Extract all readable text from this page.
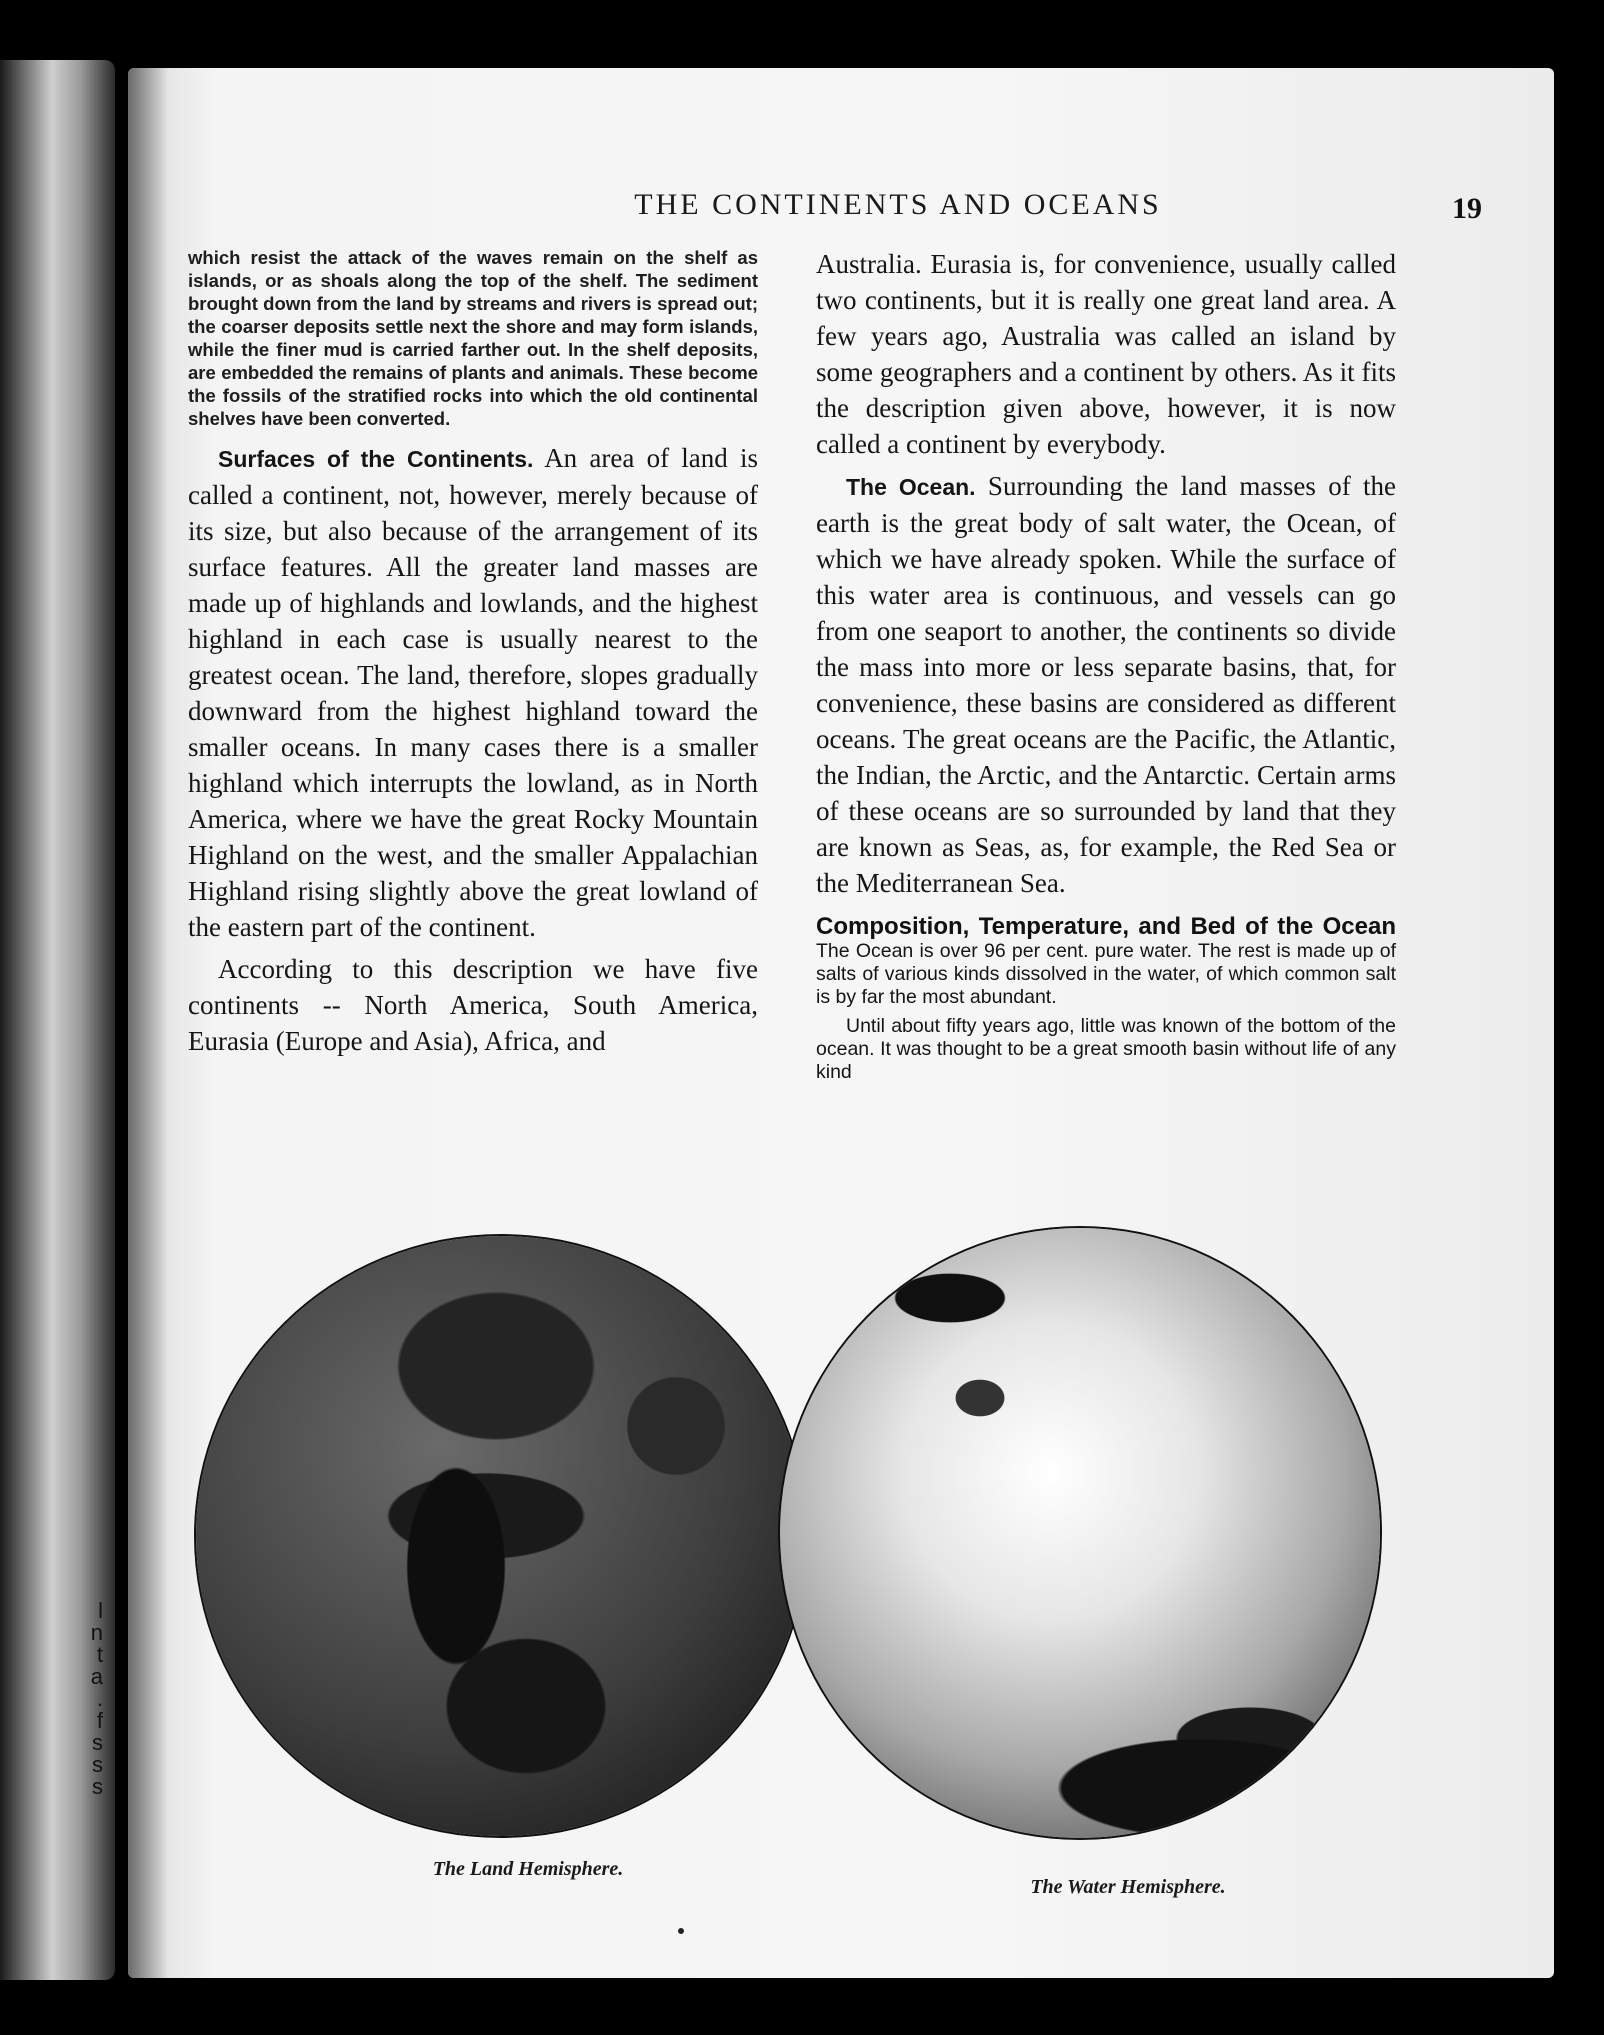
l
n
t
a
.
f
s
s
s
THE CONTINENTS AND OCEANS	19

which resist the attack of the waves remain on the shelf as islands, or as shoals along the top of the shelf. The sediment brought down from the land by streams and rivers is spread out; the coarser deposits settle next the shore and may form islands, while the finer mud is carried farther out. In the shelf deposits, are embedded the remains of plants and animals. These become the fossils of the stratified rocks into which the old continental shelves have been converted.

Surfaces of the Continents. An area of land is called a continent, not, however, merely because of its size, but also because of the arrangement of its surface features. All the greater land masses are made up of highlands and lowlands, and the highest highland in each case is usually nearest to the greatest ocean. The land, therefore, slopes gradually downward from the highest highland toward the smaller oceans. In many cases there is a smaller highland which interrupts the lowland, as in North America, where we have the great Rocky Mountain Highland on the west, and the smaller Appalachian Highland rising slightly above the great lowland of the eastern part of the continent.

According to this description we have five continents -- North America, South America, Eurasia (Europe and Asia), Africa, and

Australia. Eurasia is, for convenience, usually called two continents, but it is really one great land area. A few years ago, Australia was called an island by some geographers and a continent by others. As it fits the description given above, however, it is now called a continent by everybody.

The Ocean. Surrounding the land masses of the earth is the great body of salt water, the Ocean, of which we have already spoken. While the surface of this water area is continuous, and vessels can go from one seaport to another, the continents so divide the mass into more or less separate basins, that, for convenience, these basins are considered as different oceans. The great oceans are the Pacific, the Atlantic, the Indian, the Arctic, and the Antarctic. Certain arms of these oceans are so surrounded by land that they are known as Seas, as, for example, the Red Sea or the Mediterranean Sea.

Composition, Temperature, and Bed of the Ocean The Ocean is over 96 per cent. pure water. The rest is made up of salts of various kinds dissolved in the water, of which common salt is by far the most abundant.

Until about fifty years ago, little was known of the bottom of the ocean. It was thought to be a great smooth basin without life of any kind

The Land Hemisphere.
The Water Hemisphere.
